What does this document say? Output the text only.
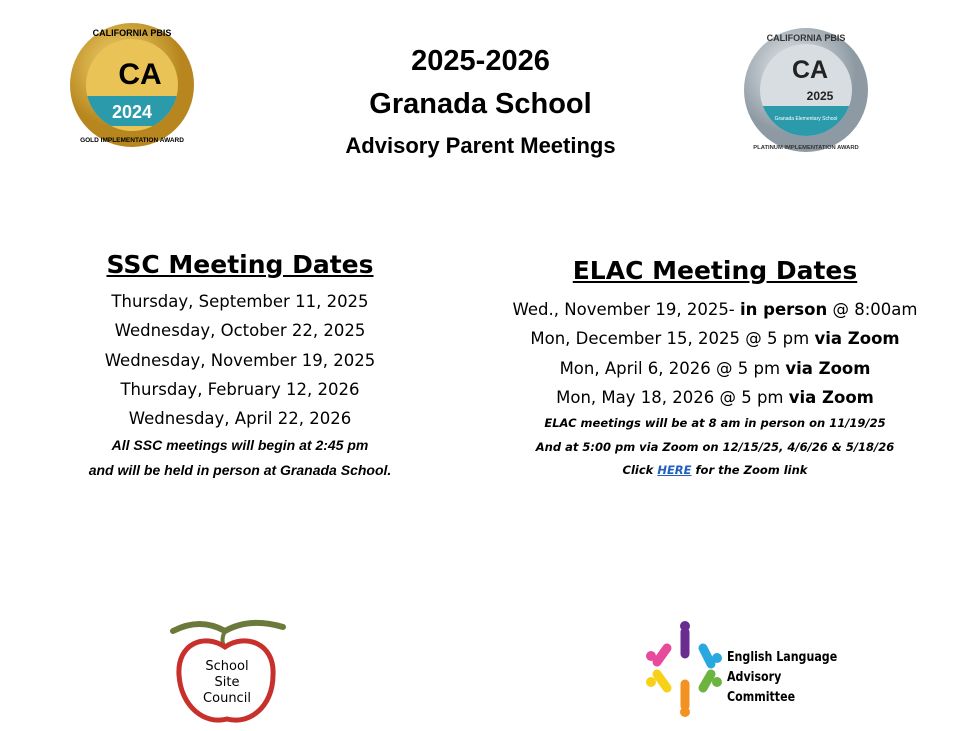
CALIFORNIA PBIS
CA
2024
GOLD IMPLEMENTATION AWARD
CALIFORNIA PBIS
CA
2025
Granada Elementary School
PLATINUM IMPLEMENTATION AWARD
2025-2026
Granada School
Advisory Parent Meetings
SSC Meeting Dates
Thursday, September 11, 2025
Wednesday, October 22, 2025
Wednesday, November 19, 2025
Thursday, February 12, 2026
Wednesday, April 22, 2026
All SSC meetings will begin at 2:45 pm
and will be held in person at Granada School.
ELAC Meeting Dates
Wed., November 19, 2025- in person @ 8:00am
Mon, December 15, 2025 @ 5 pm via Zoom
Mon, April 6, 2026 @ 5 pm via Zoom
Mon, May 18, 2026 @ 5 pm via Zoom
ELAC meetings will be at 8 am in person on 11/19/25
And at 5:00 pm via Zoom on 12/15/25, 4/6/26 & 5/18/26
Click HERE for the Zoom link
School
Site
Council
English Language
Advisory Committee
